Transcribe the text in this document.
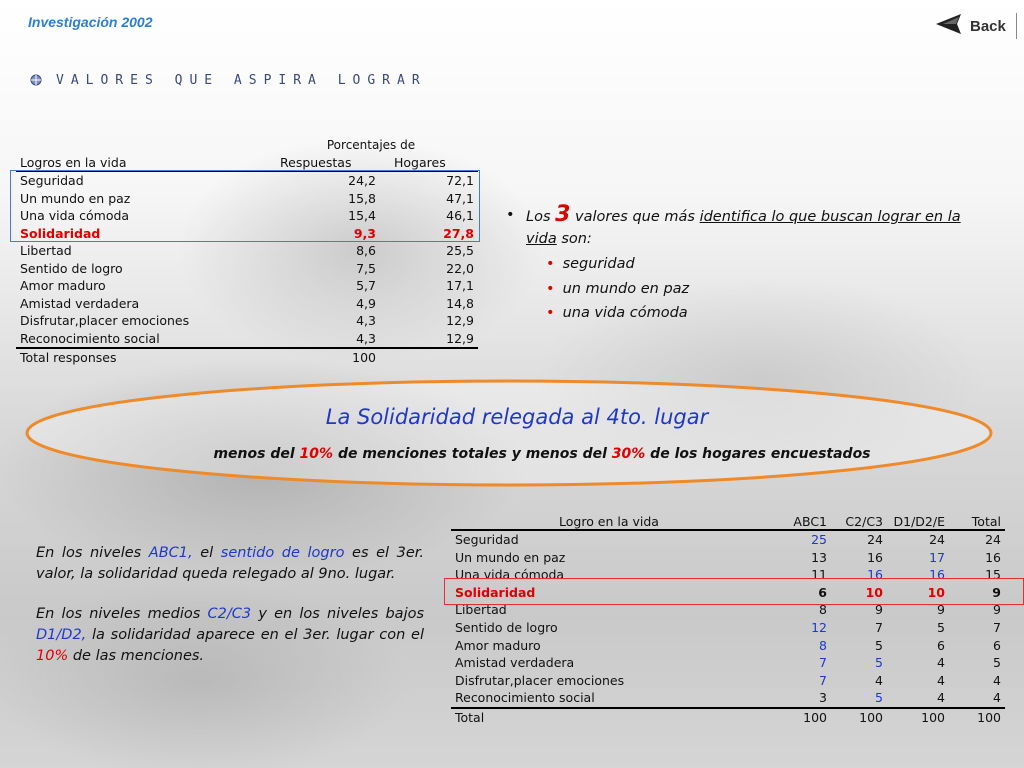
Investigación 2002	Back
VALORES QUE ASPIRA LOGRAR
Porcentajes de
Logros en la vida	Respuestas	Hogares
Seguridad	24,2	72,1
Un mundo en paz	15,8	47,1
Una vida cómoda	15,4	46,1
Solidaridad	9,3	27,8
Libertad	8,6	25,5
Sentido de logro	7,5	22,0
Amor maduro	5,7	17,1
Amistad verdadera	4,9	14,8
Disfrutar,placer emociones	4,3	12,9
Reconocimiento social	4,3	12,9
Total responses	100	
• Los 3 valores que más identifica lo que buscan lograr en la vida son:
• seguridad
• un mundo en paz
• una vida cómoda
La Solidaridad relegada al 4to. lugar
menos del 10% de menciones totales y menos del 30% de los hogares encuestados

En los niveles ABC1, el sentido de logro es el 3er. valor, la solidaridad queda relegado al 9no. lugar.

En los niveles medios C2/C3 y en los niveles bajos D1/D2, la solidaridad aparece en el 3er. lugar con el 10% de las menciones.

Logro en la vida	ABC1	C2/C3	D1/D2/E	Total
Seguridad	25	24	24	24
Un mundo en paz	13	16	17	16
Una vida cómoda	11	16	16	15
Solidaridad	6	10	10	9
Libertad	8	9	9	9
Sentido de logro	12	7	5	7
Amor maduro	8	5	6	6
Amistad verdadera	7	5	4	5
Disfrutar,placer emociones	7	4	4	4
Reconocimiento social	3	5	4	4
Total	100	100	100	100
